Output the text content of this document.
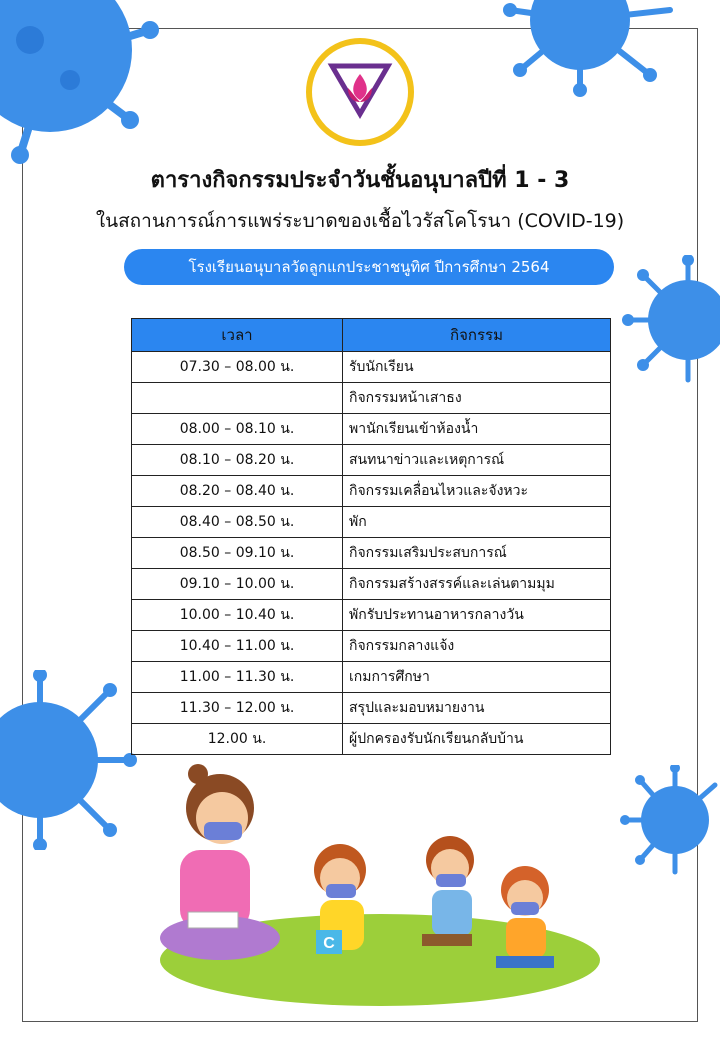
ตารางกิจกรรมประจำวันชั้นอนุบาลปีที่ 1 - 3
ในสถานการณ์การแพร่ระบาดของเชื้อไวรัสโคโรนา (COVID-19)
โรงเรียนอนุบาลวัดลูกแกประชาชนูทิศ ปีการศึกษา 2564
เวลา	กิจกรรม
07.30 – 08.00 น.	รับนักเรียน
	กิจกรรมหน้าเสาธง
08.00 – 08.10 น.	พานักเรียนเข้าห้องน้ำ
08.10 – 08.20 น.	สนทนาข่าวและเหตุการณ์
08.20 – 08.40 น.	กิจกรรมเคลื่อนไหวและจังหวะ
08.40 – 08.50 น.	พัก
08.50 – 09.10 น.	กิจกรรมเสริมประสบการณ์
09.10 – 10.00 น.	กิจกรรมสร้างสรรค์และเล่นตามมุม
10.00 – 10.40 น.	พักรับประทานอาหารกลางวัน
10.40 – 11.00 น.	กิจกรรมกลางแจ้ง
11.00 – 11.30 น.	เกมการศึกษา
11.30 – 12.00 น.	สรุปและมอบหมายงาน
12.00 น.	ผู้ปกครองรับนักเรียนกลับบ้าน
C
